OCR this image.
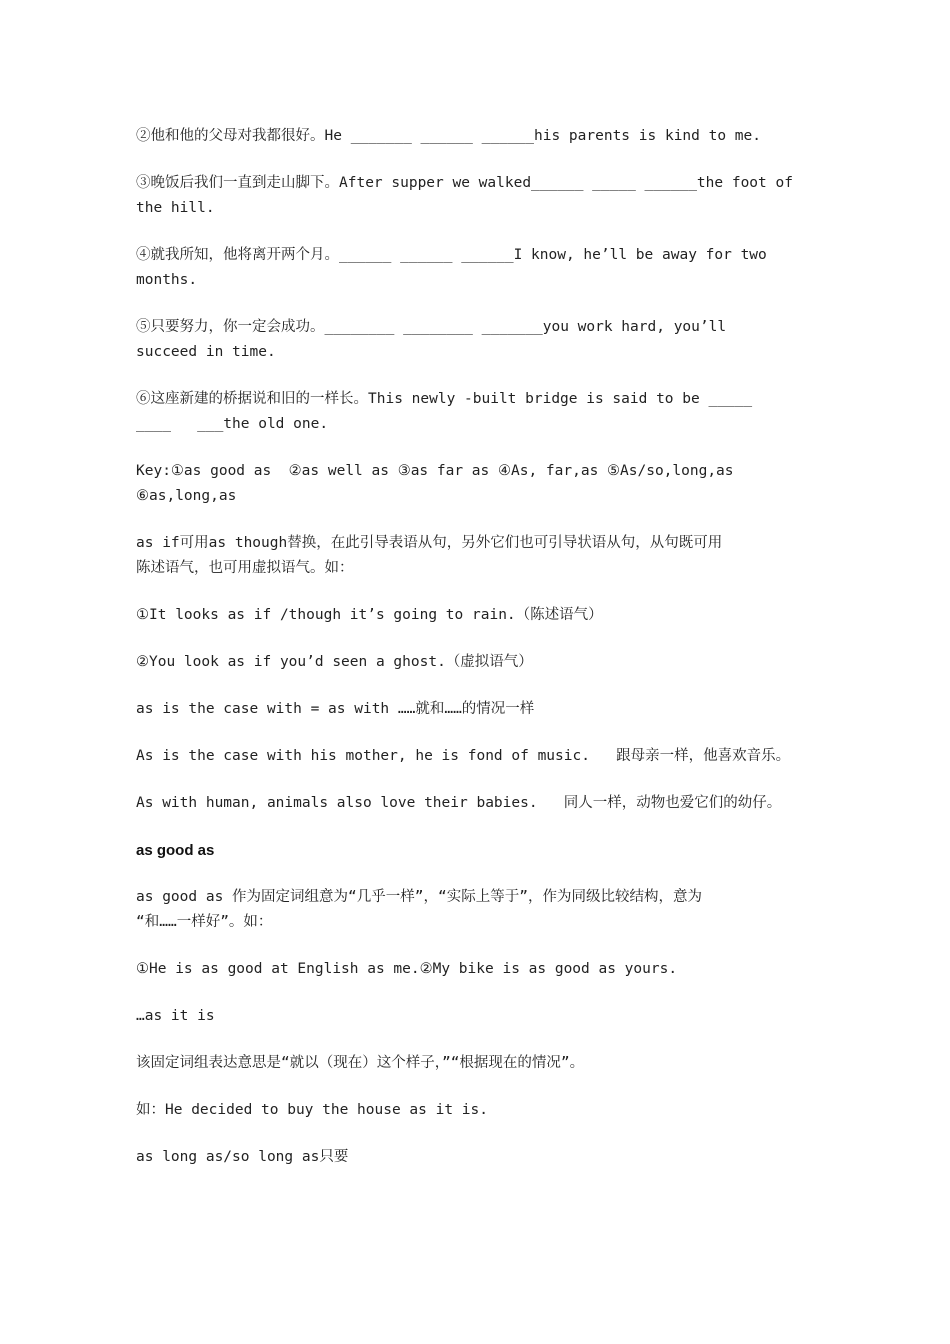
②他和他的父母对我都很好。He _______ ______ ______his parents is kind to me.

③晚饭后我们一直到走山脚下。After supper we walked______ _____ ______the foot of
the hill.

④就我所知，他将离开两个月。______ ______ ______I know, he’ll be away for two
months.

⑤只要努力，你一定会成功。________ ________ _______you work hard, you’ll
succeed in time.

⑥这座新建的桥据说和旧的一样长。This newly -built bridge is said to be _____
____   ___the old one.

Key:①as good as  ②as well as ③as far as ④As, far,as ⑤As/so,long,as
⑥as,long,as

as if可用as though替换，在此引导表语从句，另外它们也可引导状语从句，从句既可用
陈述语气，也可用虚拟语气。如：

①It looks as if /though it’s going to rain.（陈述语气）

②You look as if you’d seen a ghost.（虚拟语气）

as is the case with = as with ……就和……的情况一样

As is the case with his mother, he is fond of music.   跟母亲一样，他喜欢音乐。

As with human, animals also love their babies.   同人一样，动物也爱它们的幼仔。

as good as

as good as 作为固定词组意为“几乎一样”，“实际上等于”，作为同级比较结构，意为
“和……一样好”。如：

①He is as good at English as me.②My bike is as good as yours.

…as it is

该固定词组表达意思是“就以（现在）这个样子，”“根据现在的情况”。

如：He decided to buy the house as it is.

as long as/so long as只要
